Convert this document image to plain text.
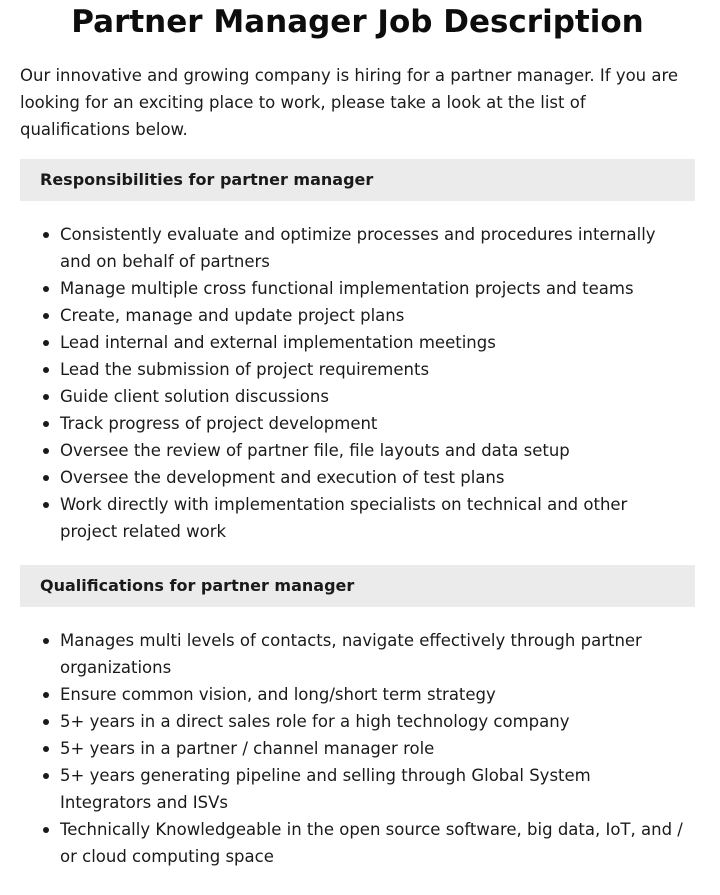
Partner Manager Job Description

Our innovative and growing company is hiring for a partner manager. If you are looking for an exciting place to work, please take a look at the list of qualifications below.

Responsibilities for partner manager
Consistently evaluate and optimize processes and procedures internally and on behalf of partners
Manage multiple cross functional implementation projects and teams
Create, manage and update project plans
Lead internal and external implementation meetings
Lead the submission of project requirements
Guide client solution discussions
Track progress of project development
Oversee the review of partner file, file layouts and data setup
Oversee the development and execution of test plans
Work directly with implementation specialists on technical and other project related work
Qualifications for partner manager
Manages multi levels of contacts, navigate effectively through partner organizations
Ensure common vision, and long/short term strategy
5+ years in a direct sales role for a high technology company
5+ years in a partner / channel manager role
5+ years generating pipeline and selling through Global System Integrators and ISVs
Technically Knowledgeable in the open source software, big data, IoT, and / or cloud computing space
